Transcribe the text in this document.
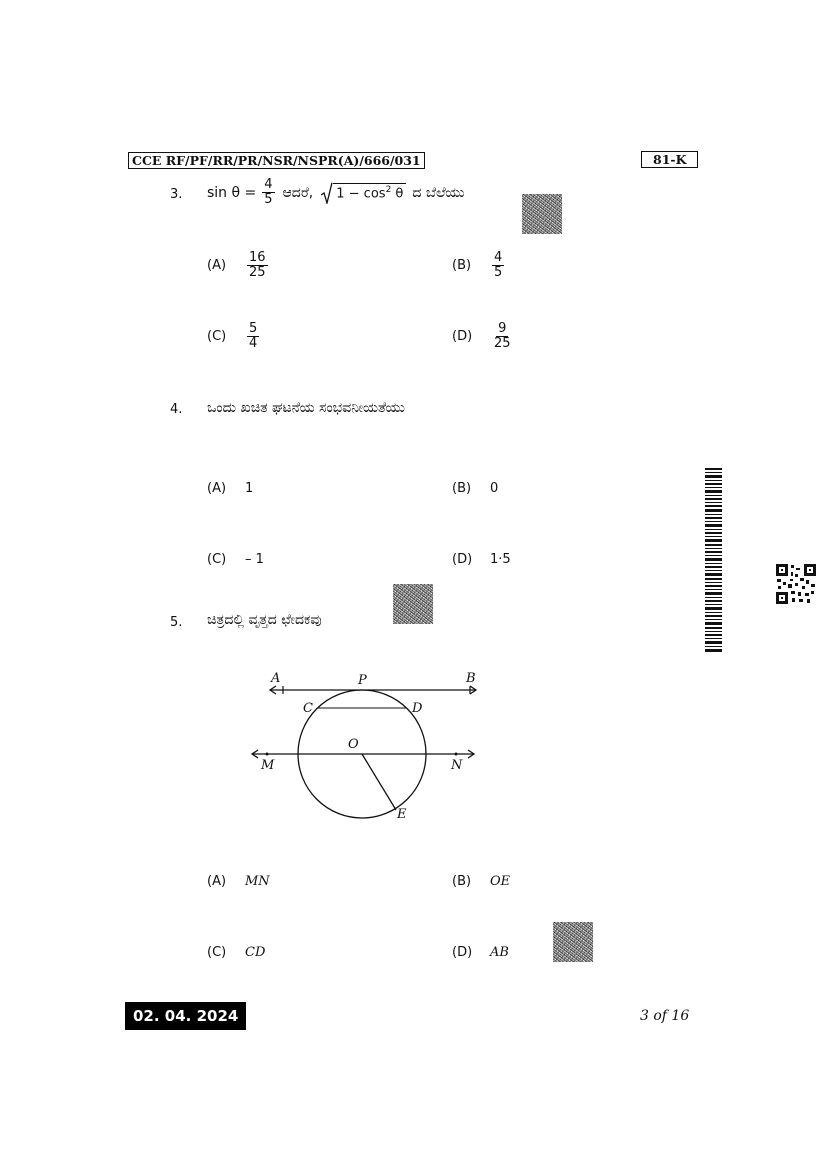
CCE RF/PF/RR/PR/NSR/NSPR(A)/666/031	81-K
3. $\sin \theta = \frac{4}{5}$ ಆದರೆ, $1 - \cos^2 \theta$ ದ ಬೆಲೆಯು
(A)	$\frac{16}{25}$	(B)	$\frac{4}{5}$
(C)	$\frac{5}{4}$	(D)	$\frac{9}{25}$
4. ಒಂದು ಖಚಿತ ಘಟನೆಯ ಸಂಭವನೀಯತೆಯು
(A)	1	(B)	0
(C)	– 1	(D)	1·5
5. ಚಿತ್ರದಲ್ಲಿ ವೃತ್ತದ ಛೇದಕವು
A	P	B
C	D
O
M	N
E
(A)	MN	(B)	OE
(C)	CD	(D)	AB
02. 04. 2024	3 of 16
